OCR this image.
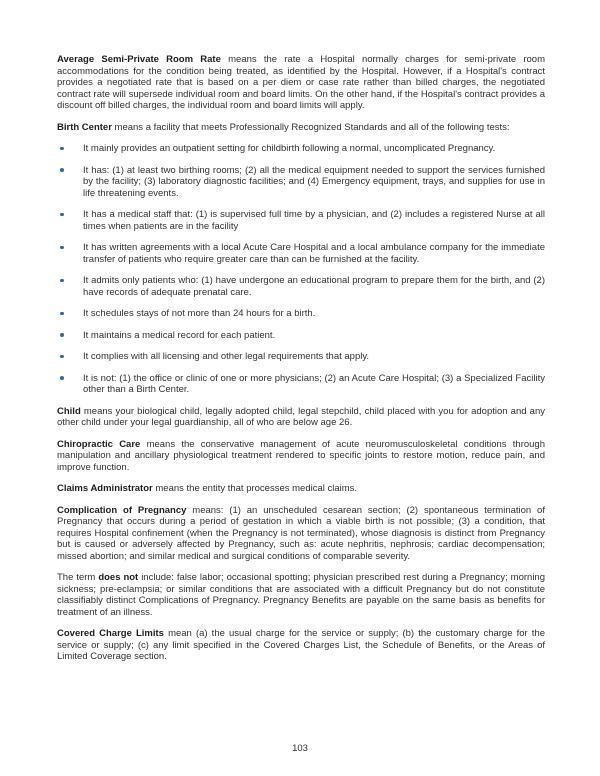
Average Semi-Private Room Rate means the rate a Hospital normally charges for semi-private room accommodations for the condition being treated, as identified by the Hospital. However, if a Hospital's contract provides a negotiated rate that is based on a per diem or case rate rather than billed charges, the negotiated contract rate will supersede individual room and board limits. On the other hand, if the Hospital's contract provides a discount off billed charges, the individual room and board limits will apply.

Birth Center means a facility that meets Professionally Recognized Standards and all of the following tests:

It mainly provides an outpatient setting for childbirth following a normal, uncomplicated Pregnancy.
It has: (1) at least two birthing rooms; (2) all the medical equipment needed to support the services furnished by the facility; (3) laboratory diagnostic facilities; and (4) Emergency equipment, trays, and supplies for use in life threatening events.
It has a medical staff that: (1) is supervised full time by a physician, and (2) includes a registered Nurse at all times when patients are in the facility
It has written agreements with a local Acute Care Hospital and a local ambulance company for the immediate transfer of patients who require greater care than can be furnished at the facility.
It admits only patients who: (1) have undergone an educational program to prepare them for the birth, and (2) have records of adequate prenatal care.
It schedules stays of not more than 24 hours for a birth.
It maintains a medical record for each patient.
It complies with all licensing and other legal requirements that apply.
It is not: (1) the office or clinic of one or more physicians; (2) an Acute Care Hospital; (3) a Specialized Facility other than a Birth Center.

Child means your biological child, legally adopted child, legal stepchild, child placed with you for adoption and any other child under your legal guardianship, all of who are below age 26.

Chiropractic Care means the conservative management of acute neuromusculoskeletal conditions through manipulation and ancillary physiological treatment rendered to specific joints to restore motion, reduce pain, and improve function.

Claims Administrator means the entity that processes medical claims.

Complication of Pregnancy means: (1) an unscheduled cesarean section; (2) spontaneous termination of Pregnancy that occurs during a period of gestation in which a viable birth is not possible; (3) a condition, that requires Hospital confinement (when the Pregnancy is not terminated), whose diagnosis is distinct from Pregnancy but is caused or adversely affected by Pregnancy, such as: acute nephritis, nephrosis; cardiac decompensation; missed abortion; and similar medical and surgical conditions of comparable severity.

The term does not include: false labor; occasional spotting; physician prescribed rest during a Pregnancy; morning sickness; pre-eclampsia; or similar conditions that are associated with a difficult Pregnancy but do not constitute classifiably distinct Complications of Pregnancy. Pregnancy Benefits are payable on the same basis as benefits for treatment of an illness.

Covered Charge Limits mean (a) the usual charge for the service or supply; (b) the customary charge for the service or supply; (c) any limit specified in the Covered Charges List, the Schedule of Benefits, or the Areas of Limited Coverage section.

103
